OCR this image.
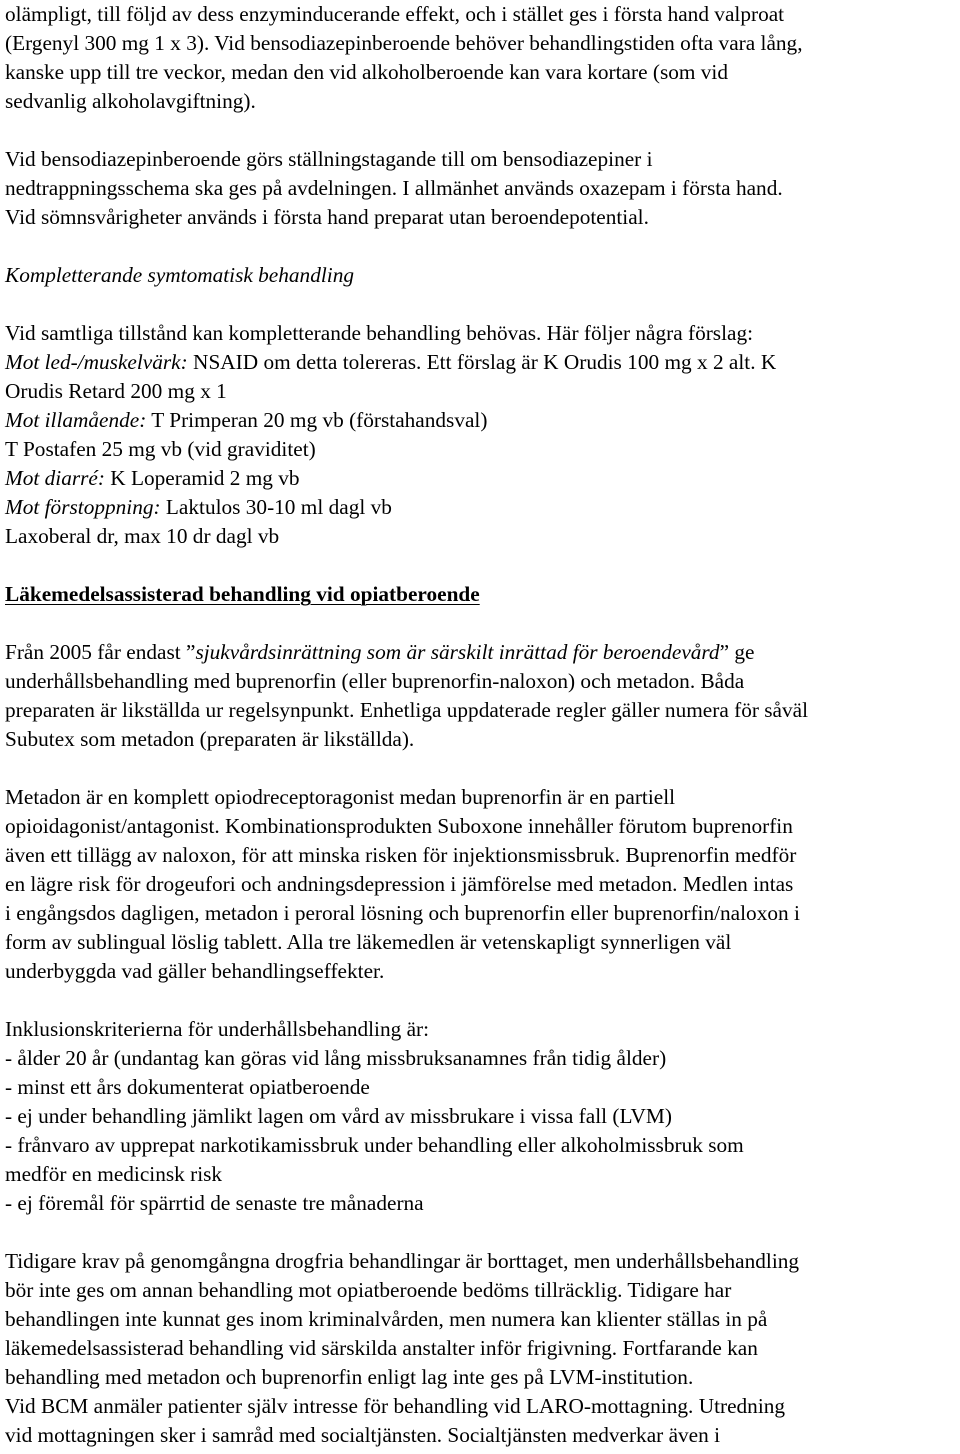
olämpligt, till följd av dess enzyminducerande effekt, och i stället ges i första hand valproat
(Ergenyl 300 mg 1 x 3). Vid bensodiazepinberoende behöver behandlingstiden ofta vara lång,
kanske upp till tre veckor, medan den vid alkoholberoende kan vara kortare (som vid
sedvanlig alkoholavgiftning).
Vid bensodiazepinberoende görs ställningstagande till om bensodiazepiner i
nedtrappningsschema ska ges på avdelningen. I allmänhet används oxazepam i första hand.
Vid sömnsvårigheter används i första hand preparat utan beroendepotential.
Kompletterande symtomatisk behandling
Vid samtliga tillstånd kan kompletterande behandling behövas. Här följer några förslag:
Mot led-/muskelvärk: NSAID om detta tolereras. Ett förslag är K Orudis 100 mg x 2 alt. K
Orudis Retard 200 mg x 1
Mot illamående: T Primperan 20 mg vb (förstahandsval)
T Postafen 25 mg vb (vid graviditet)
Mot diarré: K Loperamid 2 mg vb
Mot förstoppning: Laktulos 30-10 ml dagl vb
Laxoberal dr, max 10 dr dagl vb
Läkemedelsassisterad behandling vid opiatberoende
Från 2005 får endast ”sjukvårdsinrättning som är särskilt inrättad för beroendevård” ge
underhållsbehandling med buprenorfin (eller buprenorfin-naloxon) och metadon. Båda
preparaten är likställda ur regelsynpunkt. Enhetliga uppdaterade regler gäller numera för såväl
Subutex som metadon (preparaten är likställda).
Metadon är en komplett opiodreceptoragonist medan buprenorfin är en partiell
opioidagonist/antagonist. Kombinationsprodukten Suboxone innehåller förutom buprenorfin
även ett tillägg av naloxon, för att minska risken för injektionsmissbruk. Buprenorfin medför
en lägre risk för drogeufori och andningsdepression i jämförelse med metadon. Medlen intas
i engångsdos dagligen, metadon i peroral lösning och buprenorfin eller buprenorfin/naloxon i
form av sublingual löslig tablett. Alla tre läkemedlen är vetenskapligt synnerligen väl
underbyggda vad gäller behandlingseffekter.
Inklusionskriterierna för underhållsbehandling är:
- ålder 20 år (undantag kan göras vid lång missbruksanamnes från tidig ålder)
- minst ett års dokumenterat opiatberoende
- ej under behandling jämlikt lagen om vård av missbrukare i vissa fall (LVM)
- frånvaro av upprepat narkotikamissbruk under behandling eller alkoholmissbruk som
medför en medicinsk risk
- ej föremål för spärrtid de senaste tre månaderna
Tidigare krav på genomgångna drogfria behandlingar är borttaget, men underhållsbehandling
bör inte ges om annan behandling mot opiatberoende bedöms tillräcklig. Tidigare har
behandlingen inte kunnat ges inom kriminalvården, men numera kan klienter ställas in på
läkemedelsassisterad behandling vid särskilda anstalter inför frigivning. Fortfarande kan
behandling med metadon och buprenorfin enligt lag inte ges på LVM-institution.
Vid BCM anmäler patienter själv intresse för behandling vid LARO-mottagning. Utredning
vid mottagningen sker i samråd med socialtjänsten. Socialtjänsten medverkar även i
